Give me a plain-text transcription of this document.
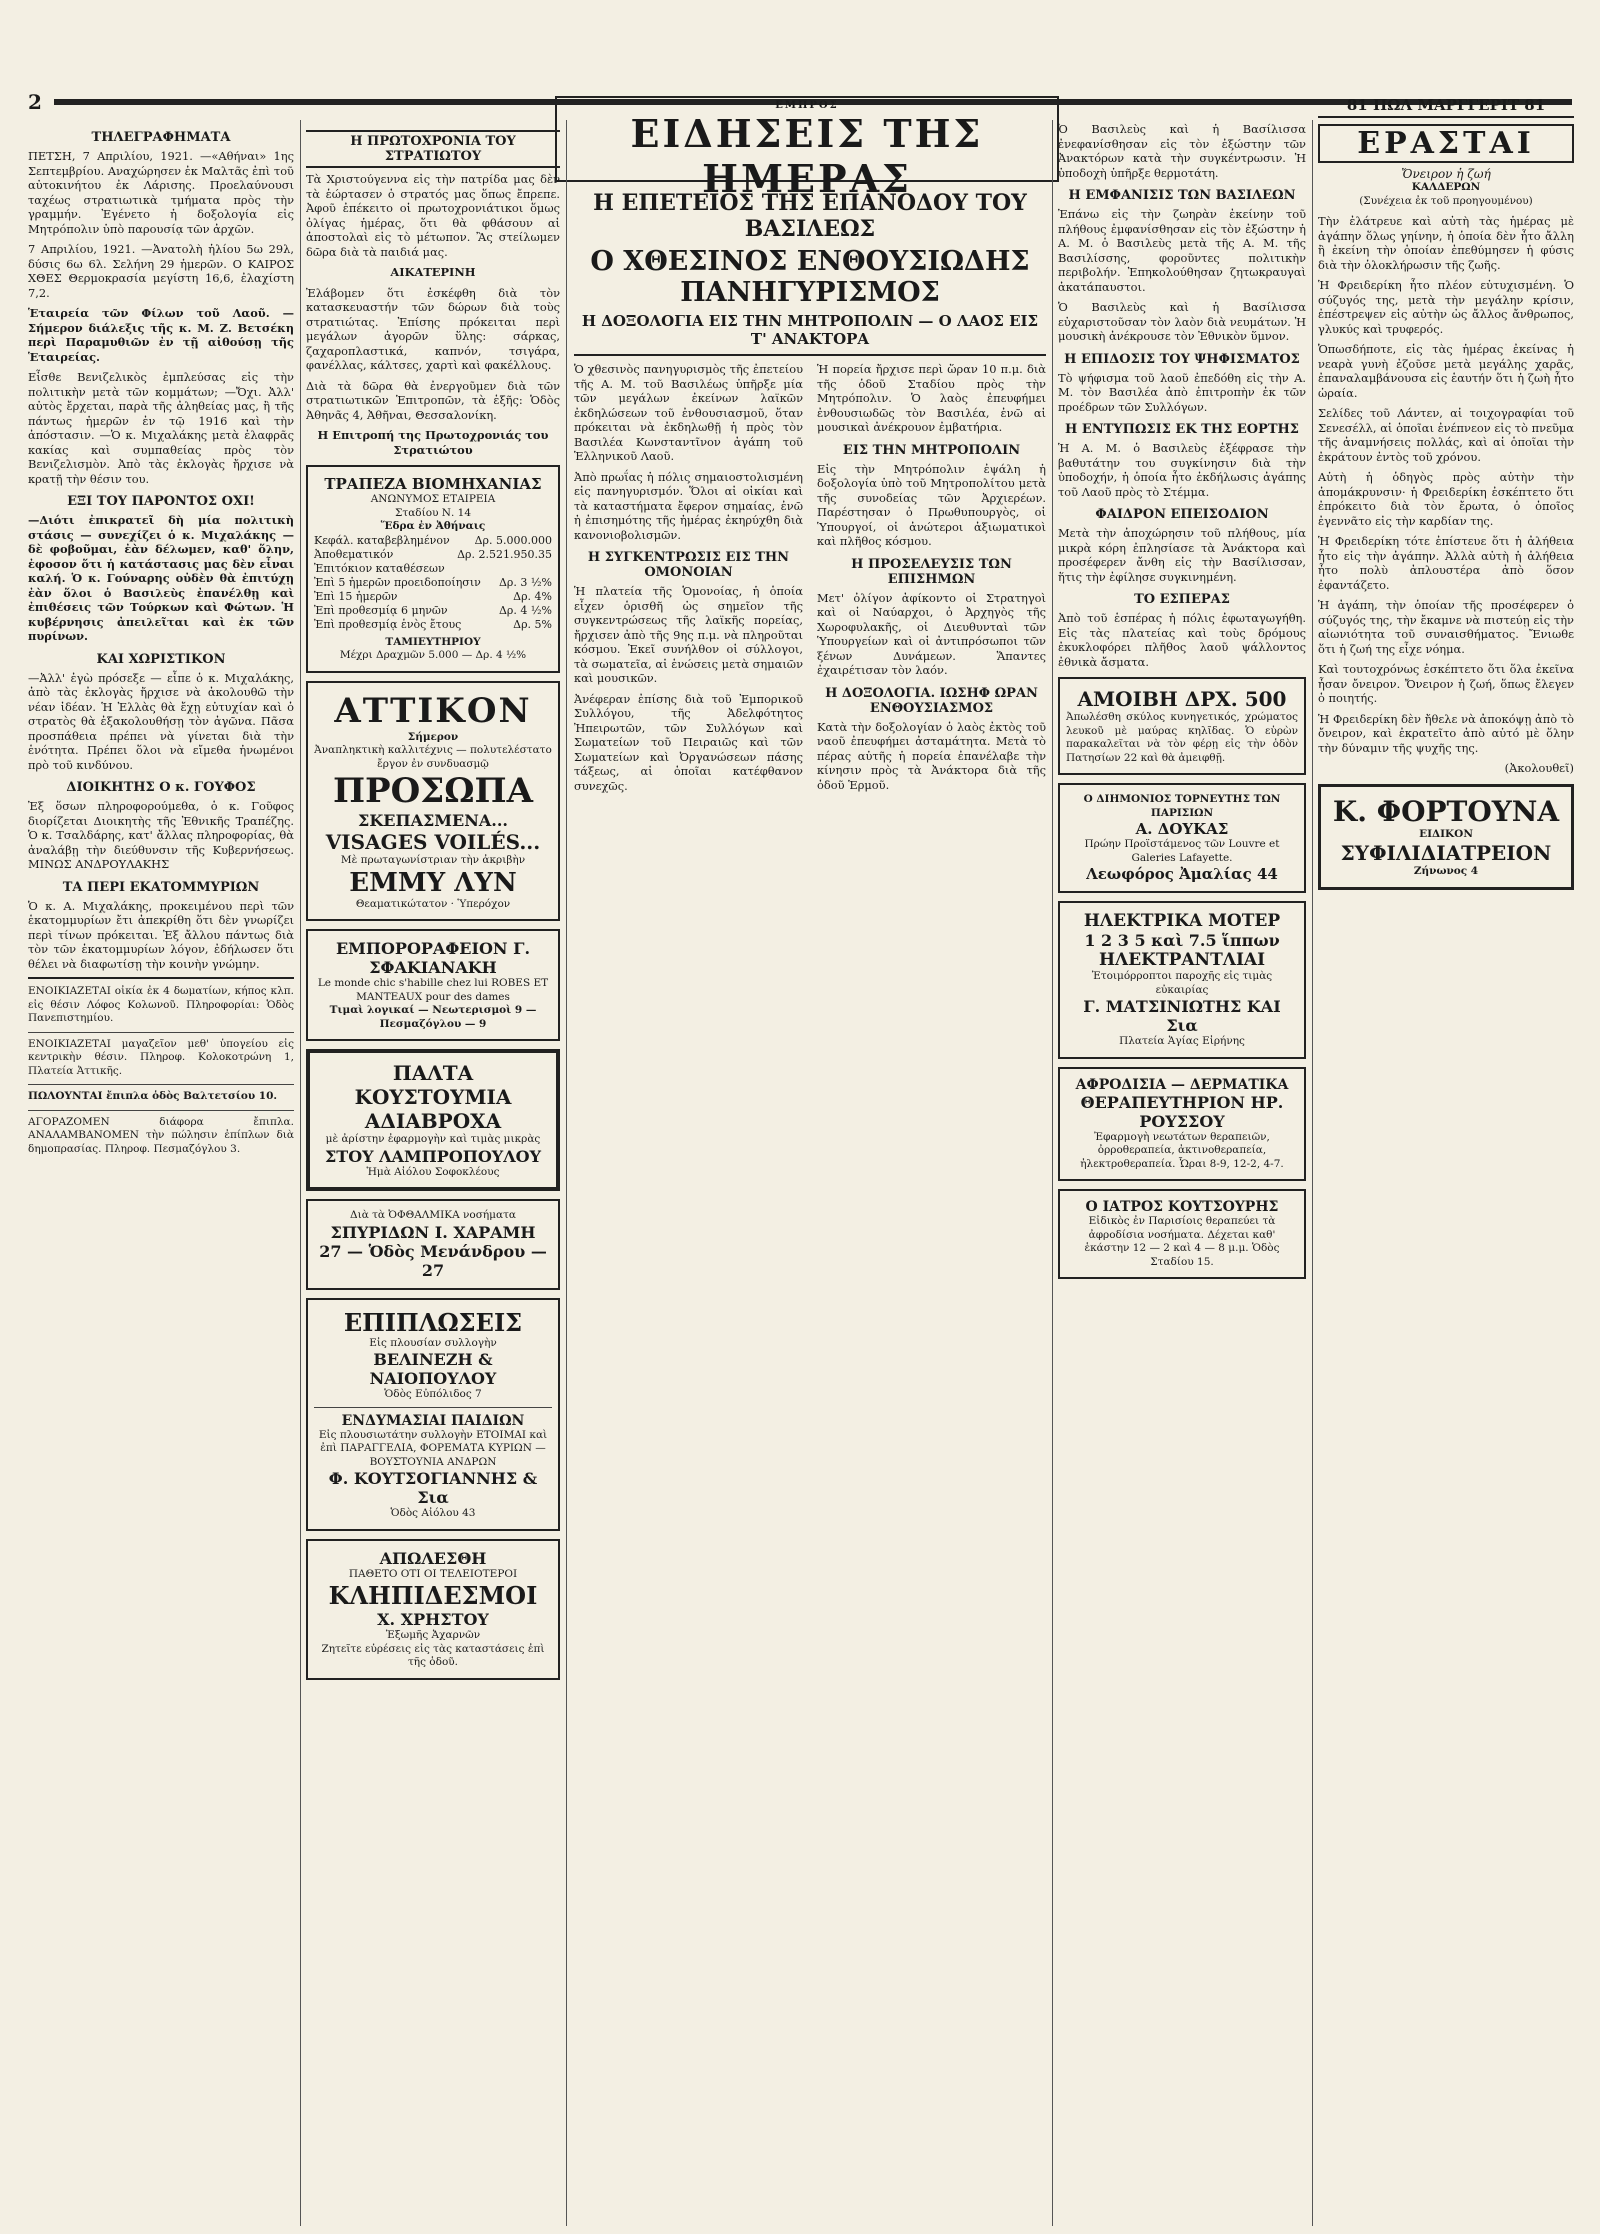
2	ΕΜΠΡΟΣ
ΕΙΔΗΣΕΙΣ ΤΗΣ ΗΜΕΡΑΣ
ΤΗΛΕΓΡΑΦΗΜΑΤΑ

ΠΕΤΣΗ, 7 Απριλίου, 1921. —«Αθήναι» 1ης Σεπτεμβρίου. Αναχώρησεν ἐκ Μαλτᾶς ἐπὶ τοῦ αὐτοκινήτου ἐκ Λάρισης. Προελαύνουσι ταχέως στρατιωτικὰ τμήματα πρὸς τὴν γραμμήν. Ἐγένετο ἡ δοξολογία εἰς Μητρόπολιν ὑπὸ παρουσίᾳ τῶν ἀρχῶν.

7 Απριλίου, 1921. —Ἀνατολὴ ἡλίου 5ω 29λ, δύσις 6ω 6λ. Σελήνη 29 ἡμερῶν. Ο ΚΑΙΡΟΣ ΧΘΕΣ Θερμοκρασία μεγίστη 16,6, ἐλαχίστη 7,2.

Ἑταιρεία τῶν Φίλων τοῦ Λαοῦ. — Σήμερον διάλεξις τῆς κ. Μ. Ζ. Βετσέκη περὶ Παραμυθιῶν ἐν τῇ αἰθούσῃ τῆς Ἑταιρείας.

Εἶσθε Βενιζελικὸς ἐμπλεύσας εἰς τὴν πολιτικὴν μετὰ τῶν κομμάτων; —Ὄχι. Ἀλλ' αὐτὸς ἔρχεται, παρὰ τῆς ἀληθείας μας, ἢ τῆς πάντως ἡμερῶν ἐν τῷ 1916 καὶ τὴν ἀπόστασιν. —Ὁ κ. Μιχαλάκης μετὰ ἐλαφρᾶς κακίας καὶ συμπαθείας πρὸς τὸν Βενιζελισμὸν. Ἀπὸ τὰς ἐκλογὰς ἤρχισε νὰ κρατῇ τὴν θέσιν του.

ΕΞΙ ΤΟΥ ΠΑΡΟΝΤΟΣ ΟΧΙ!

—Διότι ἐπικρατεῖ δὴ μία πολιτικὴ στάσις — συνεχίζει ὁ κ. Μιχαλάκης — δὲ φοβοῦμαι, ἐὰν δέλωμεν, καθ' ὅλην, ἐφοσον ὅτι ἡ κατάστασις μας δὲν εἶναι καλή. Ὁ κ. Γούναρης οὐδὲν θὰ ἐπιτύχῃ ἐὰν ὅλοι ὁ Βασιλεὺς ἐπανέλθῃ καὶ ἐπιθέσεις τῶν Τούρκων καὶ Φώτων. Ἡ κυβέρνησις ἀπειλεῖται καὶ ἐκ τῶν πυρίνων.

ΚΑΙ ΧΩΡΙΣΤΙΚΟΝ

—Ἀλλ' ἐγὼ πρόσεξε — εἶπε ὁ κ. Μιχαλάκης, ἀπὸ τὰς ἐκλογὰς ἤρχισε νὰ ἀκολουθῶ τὴν νέαν ἰδέαν. Ἡ Ἑλλὰς θὰ ἔχῃ εὐτυχίαν καὶ ὁ στρατὸς θὰ ἐξακολουθήσῃ τὸν ἀγῶνα. Πᾶσα προσπάθεια πρέπει νὰ γίνεται διὰ τὴν ἑνότητα. Πρέπει ὅλοι νὰ εἴμεθα ἠνωμένοι πρὸ τοῦ κινδύνου.

ΔΙΟΙΚΗΤΗΣ Ο κ. ΓΟΥΦΟΣ

Ἐξ ὅσων πληροφορούμεθα, ὁ κ. Γοῦφος διορίζεται Διοικητὴς τῆς Ἐθνικῆς Τραπέζης. Ὁ κ. Τσαλδάρης, κατ' ἄλλας πληροφορίας, θὰ ἀναλάβῃ τὴν διεύθυνσιν τῆς Κυβερνήσεως. ΜΙΝΩΣ ΑΝΔΡΟΥΛΑΚΗΣ

ΤΑ ΠΕΡΙ ΕΚΑΤΟΜΜΥΡΙΩΝ

Ὁ κ. Α. Μιχαλάκης, προκειμένου περὶ τῶν ἑκατομμυρίων ἔτι ἀπεκρίθη ὅτι δὲν γνωρίζει περὶ τίνων πρόκειται. Ἐξ ἄλλου πάντως διὰ τὸν τῶν ἑκατομμυρίων λόγον, ἐδήλωσεν ὅτι θέλει νὰ διαφωτίσῃ τὴν κοινὴν γνώμην.

ΕΝΟΙΚΙΑΖΕΤΑΙ οἰκία ἐκ 4 δωματίων, κήπος κλπ. εἰς θέσιν Λόφος Κολωνοῦ. Πληροφορίαι: Ὁδὸς Πανεπιστημίου.

ΕΝΟΙΚΙΑΖΕΤΑΙ μαγαζεῖον μεθ' ὑπογείου εἰς κεντρικὴν θέσιν. Πληροφ. Κολοκοτρώνη 1, Πλατεία Ἀττικῆς.

ΠΩΛΟΥΝΤΑΙ ἔπιπλα ὁδὸς Βαλτετσίου 10.

ΑΓΟΡΑΖΟΜΕΝ διάφορα ἔπιπλα. ΑΝΑΛΑΜΒΑΝΟΜΕΝ τὴν πώλησιν ἐπίπλων διὰ δημοπρασίας. Πληροφ. Πεσμαζόγλου 3.

Η ΠΡΩΤΟΧΡΟΝΙΑ ΤΟΥ ΣΤΡΑΤΙΩΤΟΥ

Τὰ Χριστούγεννα εἰς τὴν πατρίδα μας δὲν τὰ ἑώρτασεν ὁ στρατός μας ὅπως ἔπρεπε. Ἀφοῦ ἐπέκειτο οἱ πρωτοχρονιάτικοι ὅμως ὀλίγας ἡμέρας, ὅτι θὰ φθάσουν αἱ ἀποστολαὶ εἰς τὸ μέτωπον. Ἂς στείλωμεν δῶρα διὰ τὰ παιδιά μας.

ΑΙΚΑΤΕΡΙΝΗ

Ἐλάβομεν ὅτι ἐσκέφθη διὰ τὸν κατασκευαστήν τῶν δώρων διὰ τοὺς στρατιώτας. Ἐπίσης πρόκειται περὶ μεγάλων ἀγορῶν ὕλης: σάρκας, ζαχαροπλαστικά, καπνόν, τσιγάρα, φανέλλας, κάλτσες, χαρτὶ καὶ φακέλλους.

Διὰ τὰ δῶρα θὰ ἐνεργοῦμεν διὰ τῶν στρατιωτικῶν Ἑπιτροπῶν, τὰ ἑξῆς: Ὁδὸς Ἀθηνᾶς 4, Ἀθῆναι, Θεσσαλονίκη.

Η Επιτροπή της Πρωτοχρονιάς του Στρατιώτου

ΤΡΑΠΕΖΑ ΒΙΟΜΗΧΑΝΙΑΣ
ΑΝΩΝΥΜΟΣ ΕΤΑΙΡΕΙΑ
Σταδίου Ν. 14
Ἕδρα ἐν Ἀθήναις
Κεφάλ. καταβεβλημένον Δρ. 5.000.000
Ἀποθεματικόν	Δρ. 2.521.950.35
Ἐπιτόκιον καταθέσεων
Ἐπὶ 5 ἡμερῶν προειδοποίησιν Δρ. 3 ½%
Ἐπὶ 15 ἡμερῶν	Δρ. 4%
Ἐπὶ προθεσμίᾳ 6 μηνῶν	Δρ. 4 ½%
Ἐπὶ προθεσμίᾳ ἑνὸς ἔτους	Δρ. 5%
ΤΑΜΙΕΥΤΗΡΙΟΥ
Μέχρι Δραχμῶν 5.000 — Δρ. 4 ½%
ΑΤΤΙΚΟΝ
Σήμερον
Ἀναπληκτικὴ καλλιτέχνις — πολυτελέστατο ἔργον ἐν συνδυασμῷ
ΠΡΟΣΩΠΑ
ΣΚΕΠΑΣΜΕΝΑ...
VISAGES VOILÉS...
Μὲ πρωταγωνίστριαν τὴν ἀκριβὴν
ΕΜΜΥ ΛΥΝ
Θεαματικώτατον · Ὑπερόχον
ΕΜΠΟΡΟΡΑΦΕΙΟΝ Γ. ΣΦΑΚΙΑΝΑΚΗ
Le monde chic s'habille chez lui ROBES ET MANTEAUX pour des dames
Τιμαὶ λογικαί — Νεωτερισμοὶ 9 — Πεσμαζόγλου — 9
ΠΑΛΤΑ ΚΟΥΣΤΟΥΜΙΑ ΑΔΙΑΒΡΟΧΑ
μὲ ἀρίστην ἐφαρμογὴν καὶ τιμὰς μικρὰς
ΣΤΟΥ ΛΑΜΠΡΟΠΟΥΛΟΥ
Ἡμὰ Αἰόλου Σοφοκλέους
Διὰ τὰ ὈΦΘΑΛΜΙΚΑ νοσήματα
ΣΠΥΡΙΔΩΝ Ι. ΧΑΡΑΜΗ
27 — Ὁδὸς Μενάνδρου — 27
ΕΠΙΠΛΩΣΕΙΣ
Εἰς πλουσίαν συλλογὴν
ΒΕΛΙΝΕΖΗ & ΝΑΙΟΠΟΥΛΟΥ
Ὁδὸς Εὐπόλιδος 7
ΕΝΔΥΜΑΣΙΑΙ ΠΑΙΔΙΩΝ
Εἰς πλουσιωτάτην συλλογὴν ΕΤΟΙΜΑΙ καὶ ἐπὶ ΠΑΡΑΓΓΕΛΙΑ, ΦΟΡΕΜΑΤΑ ΚΥΡΙΩΝ — ΒΟΥΣΤΟΥΝΙΑ ΑΝΔΡΩΝ
Φ. ΚΟΥΤΣΟΓΙΑΝΝΗΣ & Σια
Ὁδὸς Αἰόλου 43
ΑΠΩΛΕΣΘΗ
ΠΑΘΕΤΟ ΟΤΙ ΟΙ ΤΕΛΕΙΟΤΕΡΟΙ
ΚΛΗΠΙΔΕΣΜΟΙ
Χ. ΧΡΗΣΤΟΥ
Ἐξωμῆς Ἀχαρνῶν
Ζητεῖτε εὐρέσεις εἰς τὰς καταστάσεις ἐπὶ τῆς ὁδοῦ.
Η ΕΠΕΤΕΙΟΣ ΤΗΣ ΕΠΑΝΟΔΟΥ ΤΟΥ ΒΑΣΙΛΕΩΣ
Ο ΧΘΕΣΙΝΟΣ ΕΝΘΟΥΣΙΩΔΗΣ ΠΑΝΗΓΥΡΙΣΜΟΣ
Η ΔΟΞΟΛΟΓΙΑ ΕΙΣ ΤΗΝ ΜΗΤΡΟΠΟΛΙΝ — Ο ΛΑΟΣ ΕΙΣ Τ' ΑΝΑΚΤΟΡΑ

Ὁ χθεσινὸς πανηγυρισμὸς τῆς ἐπετείου τῆς Α. Μ. τοῦ Βασιλέως ὑπῆρξε μία τῶν μεγάλων ἐκείνων λαϊκῶν ἐκδηλώσεων τοῦ ἐνθουσιασμοῦ, ὅταν πρόκειται νὰ ἐκδηλωθῇ ἡ πρὸς τὸν Βασιλέα Κωνσταντῖνον ἀγάπη τοῦ Ἑλληνικοῦ Λαοῦ.

Ἀπὸ πρωΐας ἡ πόλις σημαιοστολισμένη εἰς πανηγυρισμόν. Ὅλοι αἱ οἰκίαι καὶ τὰ καταστήματα ἔφερον σημαίας, ἐνῶ ἡ ἐπισημότης τῆς ἡμέρας ἐκηρύχθη διὰ κανονιοβολισμῶν.

Η ΣΥΓΚΕΝΤΡΩΣΙΣ ΕΙΣ ΤΗΝ ΟΜΟΝΟΙΑΝ

Ἡ πλατεία τῆς Ὁμονοίας, ἡ ὁποία εἶχεν ὁρισθῆ ὡς σημεῖον τῆς συγκεντρώσεως τῆς λαϊκῆς πορείας, ἤρχισεν ἀπὸ τῆς 9ης π.μ. νὰ πληροῦται κόσμου. Ἐκεῖ συνήλθον οἱ σύλλογοι, τὰ σωματεῖα, αἱ ἑνώσεις μετὰ σημαιῶν καὶ μουσικῶν.

Ἀνέφεραν ἐπίσης διὰ τοῦ Ἐμπορικοῦ Συλλόγου, τῆς Ἀδελφότητος Ἠπειρωτῶν, τῶν Συλλόγων καὶ Σωματείων τοῦ Πειραιῶς καὶ τῶν Σωματείων καὶ Ὀργανώσεων πάσης τάξεως, αἱ ὁποῖαι κατέφθανον συνεχῶς.

Ἡ πορεία ἤρχισε περὶ ὥραν 10 π.μ. διὰ τῆς ὁδοῦ Σταδίου πρὸς τὴν Μητρόπολιν. Ὁ λαὸς ἐπευφήμει ἐνθουσιωδῶς τὸν Βασιλέα, ἐνῶ αἱ μουσικαὶ ἀνέκρουον ἐμβατήρια.

ΕΙΣ ΤΗΝ ΜΗΤΡΟΠΟΛΙΝ

Εἰς τὴν Μητρόπολιν ἐψάλη ἡ δοξολογία ὑπὸ τοῦ Μητροπολίτου μετὰ τῆς συνοδείας τῶν Ἀρχιερέων. Παρέστησαν ὁ Πρωθυπουργὸς, οἱ Ὑπουργοί, οἱ ἀνώτεροι ἀξιωματικοὶ καὶ πλῆθος κόσμου.

Η ΠΡΟΣΕΛΕΥΣΙΣ ΤΩΝ ΕΠΙΣΗΜΩΝ

Μετ' ὀλίγον ἀφίκοντο οἱ Στρατηγοὶ καὶ οἱ Ναύαρχοι, ὁ Ἀρχηγὸς τῆς Χωροφυλακῆς, οἱ Διευθυνταὶ τῶν Ὑπουργείων καὶ οἱ ἀντιπρόσωποι τῶν ξένων Δυνάμεων. Ἅπαντες ἐχαιρέτισαν τὸν λαόν.

Η ΔΟΞΟΛΟΓΙΑ. ΙΩΣΗΦ ΩΡΑΝ ΕΝΘΟΥΣΙΑΣΜΟΣ

Κατὰ τὴν δοξολογίαν ὁ λαὸς ἐκτὸς τοῦ ναοῦ ἐπευφήμει ἀσταμάτητα. Μετὰ τὸ πέρας αὐτῆς ἡ πορεία ἐπανέλαβε τὴν κίνησιν πρὸς τὰ Ἀνάκτορα διὰ τῆς ὁδοῦ Ἑρμοῦ.

Ὁ Βασιλεὺς καὶ ἡ Βασίλισσα ἐνεφανίσθησαν εἰς τὸν ἐξώστην τῶν Ἀνακτόρων κατὰ τὴν συγκέντρωσιν. Ἡ ὑποδοχὴ ὑπῆρξε θερμοτάτη.

Η ΕΜΦΑΝΙΣΙΣ ΤΩΝ ΒΑΣΙΛΕΩΝ

Ἐπάνω εἰς τὴν ζωηρὰν ἐκείνην τοῦ πλήθους ἐμφανίσθησαν εἰς τὸν ἐξώστην ἡ Α. Μ. ὁ Βασιλεὺς μετὰ τῆς Α. Μ. τῆς Βασιλίσσης, φοροῦντες πολιτικὴν περιβολήν. Ἐπηκολούθησαν ζητωκραυγαὶ ἀκατάπαυστοι.

Ὁ Βασιλεὺς καὶ ἡ Βασίλισσα εὐχαριστοῦσαν τὸν λαὸν διὰ νευμάτων. Ἡ μουσικὴ ἀνέκρουσε τὸν Ἐθνικὸν ὕμνον.

Η ΕΠΙΔΟΣΙΣ ΤΟΥ ΨΗΦΙΣΜΑΤΟΣ

Τὸ ψήφισμα τοῦ λαοῦ ἐπεδόθη εἰς τὴν Α. Μ. τὸν Βασιλέα ἀπὸ ἐπιτροπὴν ἐκ τῶν προέδρων τῶν Συλλόγων.

Η ΕΝΤΥΠΩΣΙΣ ΕΚ ΤΗΣ ΕΟΡΤΗΣ

Ἡ Α. Μ. ὁ Βασιλεὺς ἐξέφρασε τὴν βαθυτάτην του συγκίνησιν διὰ τὴν ὑποδοχήν, ἡ ὁποία ἦτο ἐκδήλωσις ἀγάπης τοῦ Λαοῦ πρὸς τὸ Στέμμα.

ΦΑΙΔΡΟΝ ΕΠΕΙΣΟΔΙΟΝ

Μετὰ τὴν ἀποχώρησιν τοῦ πλήθους, μία μικρὰ κόρη ἐπλησίασε τὰ Ἀνάκτορα καὶ προσέφερεν ἄνθη εἰς τὴν Βασίλισσαν, ἥτις τὴν ἐφίλησε συγκινημένη.

ΤΟ ΕΣΠΕΡΑΣ

Ἀπὸ τοῦ ἑσπέρας ἡ πόλις ἐφωταγωγήθη. Εἰς τὰς πλατείας καὶ τοὺς δρόμους ἐκυκλοφόρει πλῆθος λαοῦ ψάλλοντος ἐθνικὰ ἄσματα.

ΑΜΟΙΒΗ ΔΡΧ. 500
Ἀπωλέσθη σκύλος κυνηγετικός, χρώματος λευκοῦ μὲ μαύρας κηλῖδας. Ὁ εὑρὼν παρακαλεῖται νὰ τὸν φέρῃ εἰς τὴν ὁδὸν Πατησίων 22 καὶ θὰ ἀμειφθῇ.
Ο ΔΙΗΜΟΝΙΟΣ ΤΟΡΝΕΥΤΗΣ ΤΩΝ ΠΑΡΙΣΙΩΝ
Α. ΔΟΥΚΑΣ
Πρώην Προϊστάμενος τῶν Louvre et Galeries Lafayette.
Λεωφόρος Ἀμαλίας 44
ΗΛΕΚΤΡΙΚΑ ΜΟΤΕΡ
1 2 3 5 καὶ 7.5 ἵππων
ΗΛΕΚΤΡΑΝΤΛΙΑΙ
Ἐτοιμόρροπτοι παροχῆς εἰς τιμὰς εὐκαιρίας
Γ. ΜΑΤΣΙΝΙΩΤΗΣ ΚΑΙ Σια
Πλατεία Ἁγίας Εἰρήνης
ΑΦΡΟΔΙΣΙΑ — ΔΕΡΜΑΤΙΚΑ
ΘΕΡΑΠΕΥΤΗΡΙΟΝ ΗΡ. ΡΟΥΣΣΟΥ
Ἐφαρμογὴ νεωτάτων θεραπειῶν, ὀρροθεραπεία, ἀκτινοθεραπεία, ἠλεκτροθεραπεία. Ὧραι 8-9, 12-2, 4-7.
Ο ΙΑΤΡΟΣ ΚΟΥΤΣΟΥΡΗΣ
Εἰδικὸς ἐν Παρισίοις θεραπεύει τὰ ἀφροδίσια νοσήματα. Δέχεται καθ' ἑκάστην 12 — 2 καὶ 4 — 8 μ.μ. Ὁδὸς Σταδίου 15.
81 ΠΩΛ ΜΑΡΓΓΕΡΙΤ 81
ΕΡΑΣΤΑΙ
Ὄνειρον ἡ ζωή
ΚΑΛΔΕΡΩΝ

(Συνέχεια ἐκ τοῦ προηγουμένου)

Τὴν ἐλάτρευε καὶ αὐτὴ τὰς ἡμέρας μὲ ἀγάπην ὅλως γηίνην, ἡ ὁποία δὲν ἦτο ἄλλη ἢ ἐκείνη τὴν ὁποίαν ἐπεθύμησεν ἡ φύσις διὰ τὴν ὁλοκλήρωσιν τῆς ζωῆς.

Ἡ Φρειδερίκη ἦτο πλέον εὐτυχισμένη. Ὁ σύζυγός της, μετὰ τὴν μεγάλην κρίσιν, ἐπέστρεψεν εἰς αὐτὴν ὡς ἄλλος ἄνθρωπος, γλυκύς καὶ τρυφερός.

Ὁπωσδήποτε, εἰς τὰς ἡμέρας ἐκείνας ἡ νεαρὰ γυνὴ ἐζοῦσε μετὰ μεγάλης χαρᾶς, ἐπαναλαμβάνουσα εἰς ἑαυτήν ὅτι ἡ ζωὴ ἦτο ὡραία.

Σελίδες τοῦ Λάντεν, αἱ τοιχογραφίαι τοῦ Σενεσέλλ, αἱ ὁποῖαι ἐνέπνεον εἰς τὸ πνεῦμα τῆς ἀναμνήσεις πολλάς, καὶ αἱ ὁποῖαι τὴν ἐκράτουν ἐντὸς τοῦ χρόνου.

Αὐτὴ ἡ ὁδηγὸς πρὸς αὐτὴν τὴν ἀπομάκρυνσιν· ἡ Φρειδερίκη ἐσκέπτετο ὅτι ἐπρόκειτο διὰ τὸν ἔρωτα, ὁ ὁποῖος ἐγεννᾶτο εἰς τὴν καρδίαν της.

Ἡ Φρειδερίκη τότε ἐπίστευε ὅτι ἡ ἀλήθεια ἦτο εἰς τὴν ἀγάπην. Ἀλλὰ αὐτὴ ἡ ἀλήθεια ἦτο πολὺ ἀπλουστέρα ἀπὸ ὅσον ἐφαντάζετο.

Ἡ ἀγάπη, τὴν ὁποίαν τῆς προσέφερεν ὁ σύζυγός της, τὴν ἔκαμνε νὰ πιστεύῃ εἰς τὴν αἰωνιότητα τοῦ συναισθήματος. Ἔνιωθε ὅτι ἡ ζωή της εἶχε νόημα.

Καὶ τουτοχρόνως ἐσκέπτετο ὅτι ὅλα ἐκεῖνα ἦσαν ὄνειρον. Ὄνειρον ἡ ζωή, ὅπως ἔλεγεν ὁ ποιητής.

Ἡ Φρειδερίκη δὲν ἤθελε νὰ ἀποκόψῃ ἀπὸ τὸ ὄνειρον, καὶ ἐκρατεῖτο ἀπὸ αὐτό μὲ ὅλην τὴν δύναμιν τῆς ψυχῆς της.

(Ἀκολουθεῖ)

Κ. ΦΟΡΤΟΥΝΑ
ΕΙΔΙΚΟΝ
ΣΥΦΙΛΙΔΙΑΤΡΕΙΟΝ
Ζήνωνος 4
